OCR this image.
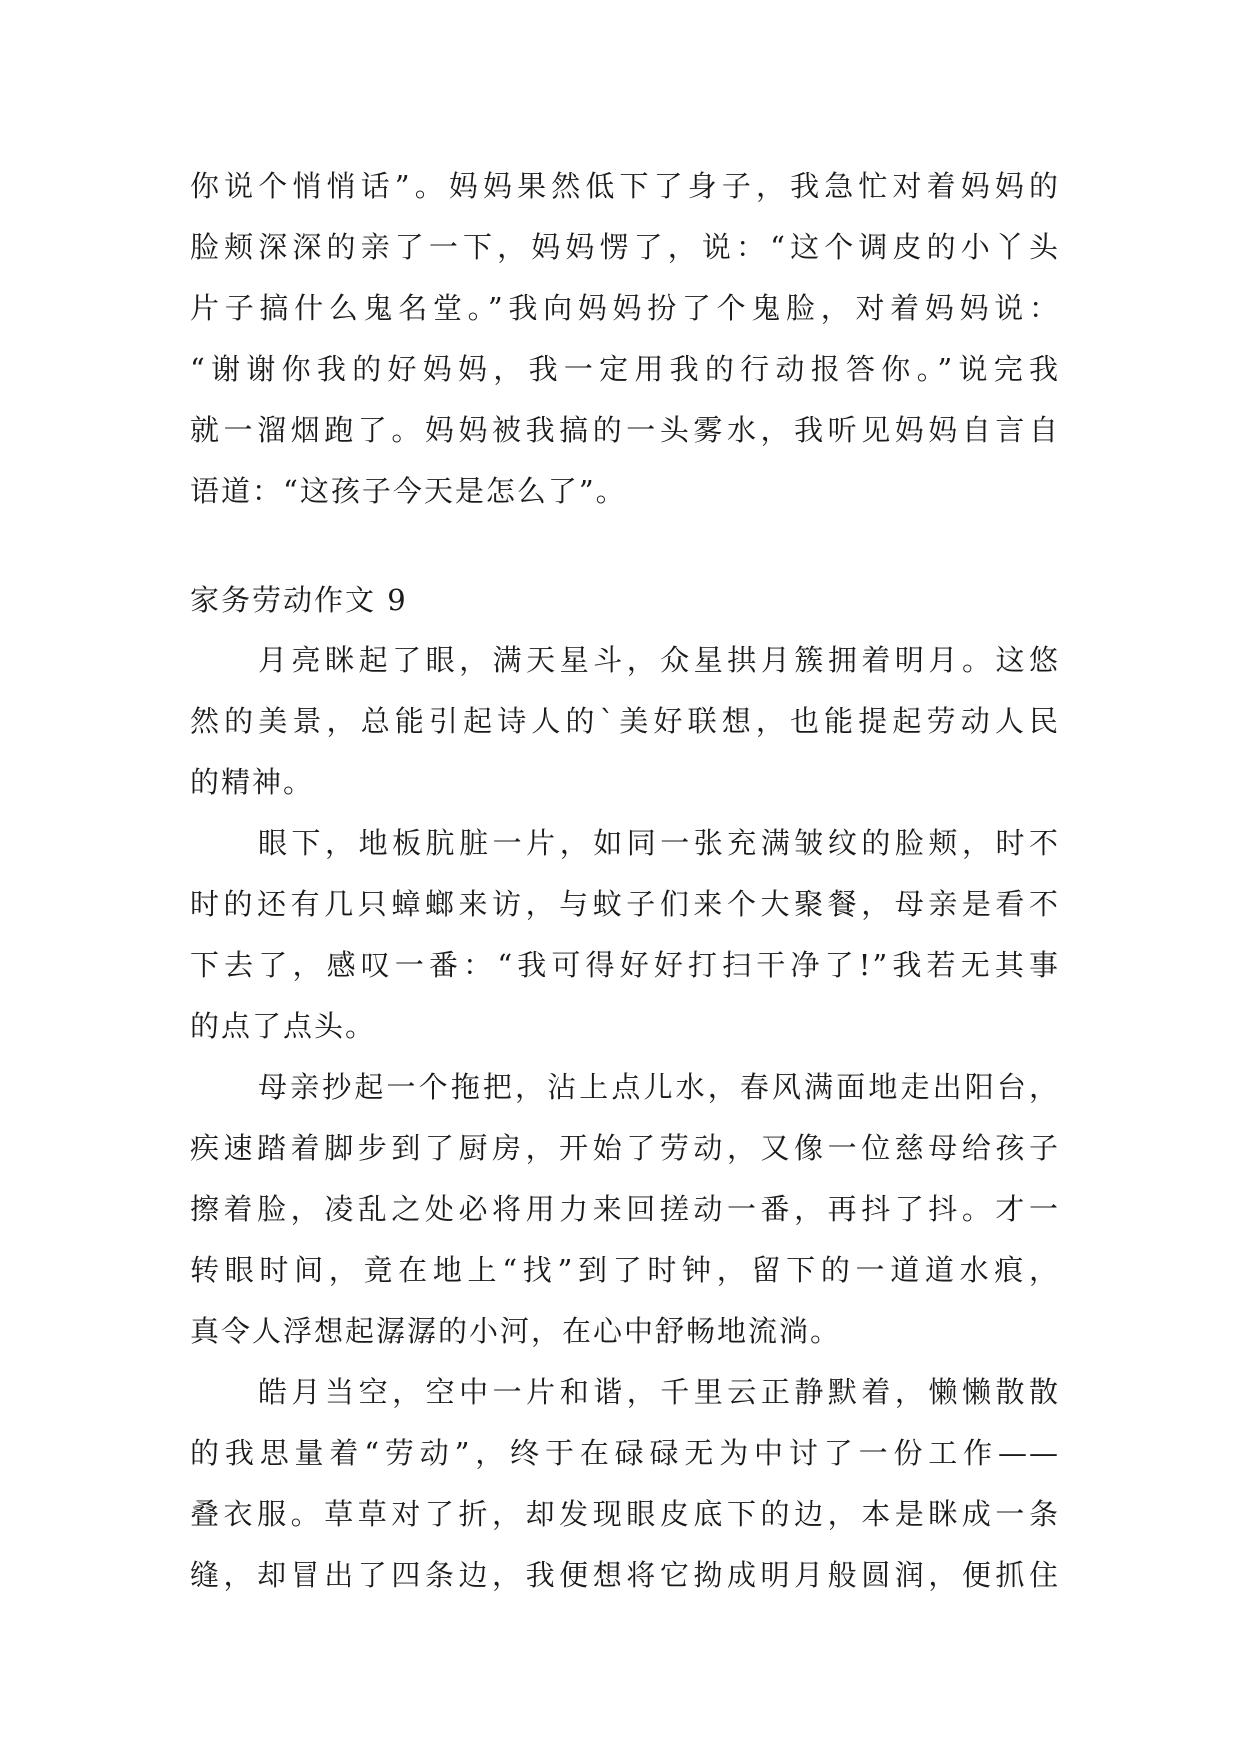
你说个悄悄话”。妈妈果然低下了身子，我急忙对着妈妈的
脸颊深深的亲了一下，妈妈愣了，说：“这个调皮的小丫头
片子搞什么鬼名堂。”我向妈妈扮了个鬼脸，对着妈妈说：
“谢谢你我的好妈妈，我一定用我的行动报答你。”说完我
就一溜烟跑了。妈妈被我搞的一头雾水，我听见妈妈自言自
语道：“这孩子今天是怎么了”。
家务劳动作文 9
月亮眯起了眼，满天星斗，众星拱月簇拥着明月。这悠
然的美景，总能引起诗人的`美好联想，也能提起劳动人民
的精神。
眼下，地板肮脏一片，如同一张充满皱纹的脸颊，时不
时的还有几只蟑螂来访，与蚊子们来个大聚餐，母亲是看不
下去了，感叹一番：“我可得好好打扫干净了!”我若无其事
的点了点头。
母亲抄起一个拖把，沾上点儿水，春风满面地走出阳台，
疾速踏着脚步到了厨房，开始了劳动，又像一位慈母给孩子
擦着脸，凌乱之处必将用力来回搓动一番，再抖了抖。才一
转眼时间，竟在地上“找”到了时钟，留下的一道道水痕，
真令人浮想起潺潺的小河，在心中舒畅地流淌。
皓月当空，空中一片和谐，千里云正静默着，懒懒散散
的我思量着“劳动”，终于在碌碌无为中讨了一份工作——
叠衣服。草草对了折，却发现眼皮底下的边，本是眯成一条
缝，却冒出了四条边，我便想将它拗成明月般圆润，便抓住
